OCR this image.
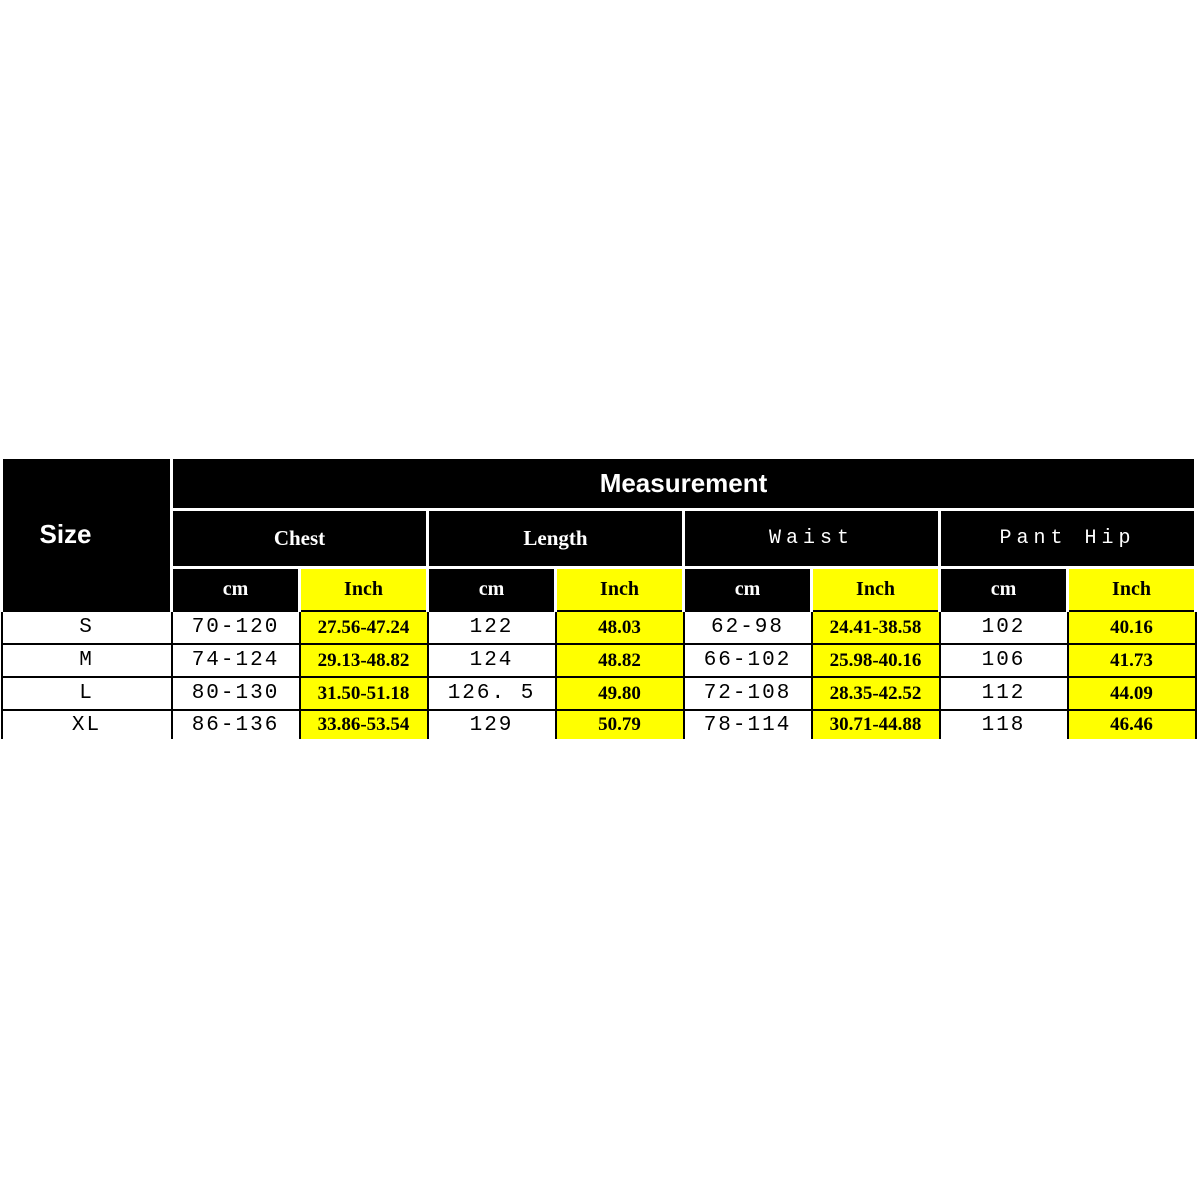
Size	Measurement							
	Chest		Length		Waist		Pant Hip	
	cm	Inch	cm	Inch	cm	Inch	cm	Inch
S	70-120	27.56-47.24	122	48.03	62-98	24.41-38.58	102	40.16
M	74-124	29.13-48.82	124	48.82	66-102	25.98-40.16	106	41.73
L	80-130	31.50-51.18	126. 5	49.80	72-108	28.35-42.52	112	44.09
XL	86-136	33.86-53.54	129	50.79	78-114	30.71-44.88	118	46.46
